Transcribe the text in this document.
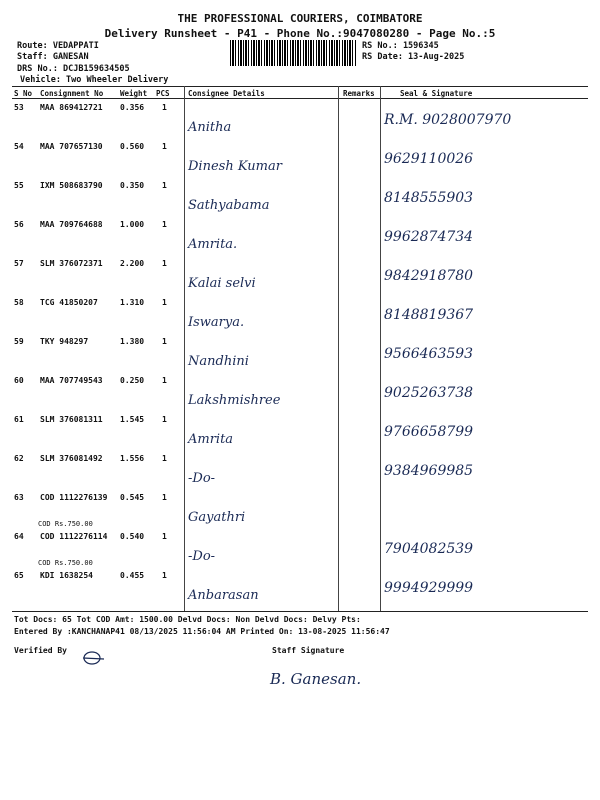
THE PROFESSIONAL COURIERS, COIMBATORE
Delivery Runsheet - P41 - Phone No.:9047080280 - Page No.:5
Route: VEDAPPATI
Staff: GANESAN
DRS No.: DCJB159634505
Vehicle: Two Wheeler Delivery
RS No.: 1596345
RS Date: 13-Aug-2025
S No Consignment No Weight PCS Consignee Details	Remarks	Seal & Signature
53 MAA 869412721 0.356 1
Anitha	R.M. 9028007970
54 MAA 707657130 0.560 1
Dinesh Kumar	9629110026
55 IXM 508683790 0.350 1
Sathyabama	8148555903
56 MAA 709764688 1.000 1
Amrita.	9962874734
57 SLM 376072371 2.200 1
Kalai selvi	9842918780
58 TCG 41850207	1.310 1
Iswarya.	8148819367
59 TKY 948297	1.380 1
Nandhini	9566463593
60 MAA 707749543 0.250 1
Lakshmishree	9025263738
61 SLM 376081311 1.545 1
Amrita	9766658799
62 SLM 376081492 1.556 1
-Do-	9384969985
63 COD 1112276139 0.545 1
COD Rs.750.00	Gayathri
64 COD 1112276114 0.540 1
COD Rs.750.00	-Do-	7904082539
65 KDI 1638254	0.455 1
Anbarasan	9994929999
Tot Docs: 65 Tot COD Amt: 1500.00 Delvd Docs: Non Delvd Docs: Delvy Pts:
Entered By :KANCHANAP41 08/13/2025 11:56:04 AM Printed On: 13-08-2025 11:56:47
Verified By	Staff Signature
B. Ganesan.
